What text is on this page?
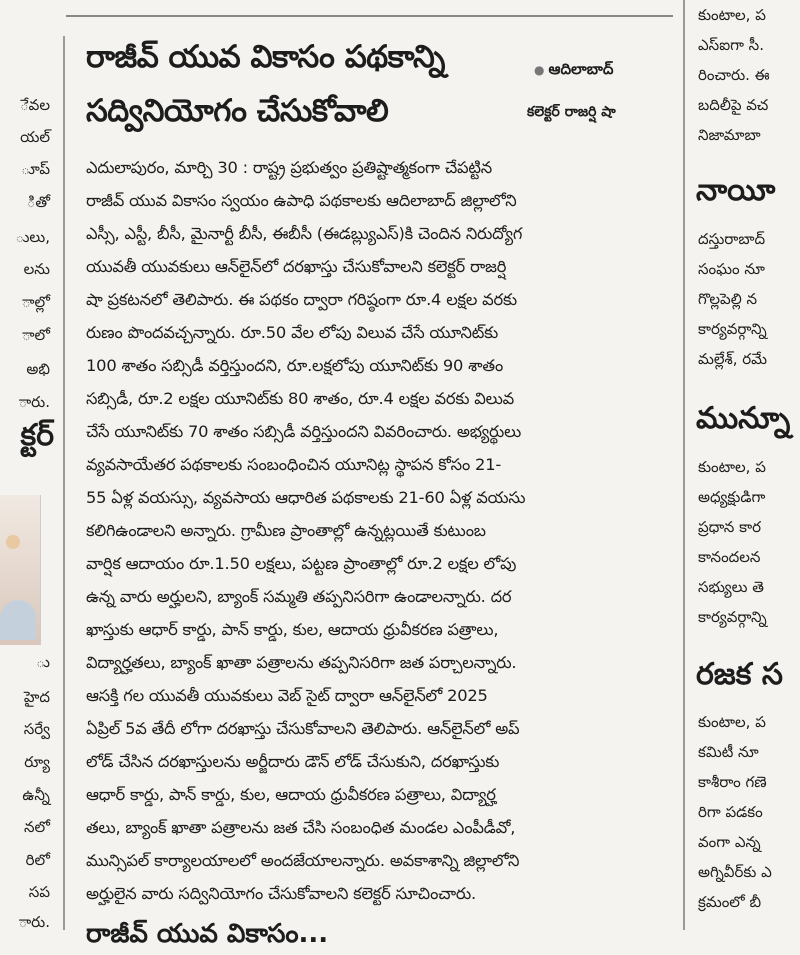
ేవల
యల్
ూప్
ితో
ులు,
లను
ాల్లో
ాలో
అభి
ారు.
క్టర్
ు
హైద
సర్వే
ర్యూ
ఉన్నీ
నలో
రిలో
సప
ారు.
రాజీవ్ యువ వికాసం పథకాన్ని
సద్వినియోగం చేసుకోవాలి
● ఆదిలాబాద్
కలెక్టర్ రాజర్షి షా
ఎదులాపురం, మార్చి 30 : రాష్ట్ర ప్రభుత్వం ప్రతిష్టాత్మకంగా చేపట్టిన
రాజీవ్ యువ వికాసం స్వయం ఉపాధి పథకాలకు ఆదిలాబాద్ జిల్లాలోని
ఎస్సీ, ఎస్టీ, బీసీ, మైనార్టీ బీసీ, ఈబీసీ (ఈడబ్ల్యుఎస్)కి చెందిన నిరుద్యోగ
యువతీ యువకులు ఆన్‌లైన్‌లో దరఖాస్తు చేసుకోవాలని కలెక్టర్ రాజర్షి
షా ప్రకటనలో తెలిపారు. ఈ పథకం ద్వారా గరిష్ఠంగా రూ.4 లక్షల వరకు
రుణం పొందవచ్చన్నారు. రూ.50 వేల లోపు విలువ చేసే యూనిట్‌కు
100 శాతం సబ్సిడీ వర్తిస్తుందని, రూ.లక్షలోపు యూనిట్‌కు 90 శాతం
సబ్సిడీ, రూ.2 లక్షల యూనిట్‌కు 80 శాతం, రూ.4 లక్షల వరకు విలువ
చేసే యూనిట్‌కు 70 శాతం సబ్సిడీ వర్తిస్తుందని వివరించారు. అభ్యర్థులు
వ్యవసాయేతర పథకాలకు సంబంధించిన యూనిట్ల స్థాపన కోసం 21-
55 ఏళ్ల వయస్సు, వ్యవసాయ ఆధారిత పథకాలకు 21-60 ఏళ్ల వయసు
కలిగిఉండాలని అన్నారు. గ్రామీణ ప్రాంతాల్లో ఉన్నట్లయితే కుటుంబ
వార్షిక ఆదాయం రూ.1.50 లక్షలు, పట్టణ ప్రాంతాల్లో రూ.2 లక్షల లోపు
ఉన్న వారు అర్హులని, బ్యాంక్ సమ్మతి తప్పనిసరిగా ఉండాలన్నారు. దర
ఖాస్తుకు ఆధార్ కార్డు, పాన్ కార్డు, కుల, ఆదాయ ధ్రువీకరణ పత్రాలు,
విద్యార్హతలు, బ్యాంక్ ఖాతా పత్రాలను తప్పనిసరిగా జత పర్చాలన్నారు.
ఆసక్తి గల యువతీ యువకులు వెబ్ సైట్ ద్వారా ఆన్‌లైన్‌లో 2025
ఏప్రిల్ 5వ తేదీ లోగా దరఖాస్తు చేసుకోవాలని తెలిపారు. ఆన్‌లైన్‌లో అప్
లోడ్ చేసిన దరఖాస్తులను అర్జీదారు డౌన్ లోడ్ చేసుకుని, దరఖాస్తుకు
ఆధార్ కార్డు, పాన్ కార్డు, కుల, ఆదాయ ధ్రువీకరణ పత్రాలు, విద్యార్హ
తలు, బ్యాంక్ ఖాతా పత్రాలను జత చేసి సంబంధిత మండల ఎంపీడీవో,
మున్సిపల్ కార్యాలయాలలో అందజేయాలన్నారు. అవకాశాన్ని జిల్లాలోని
అర్హులైన వారు సద్వినియోగం చేసుకోవాలని కలెక్టర్ సూచించారు.
రాజీవ్ యువ వికాసం...
కుంటాల, ప
ఎస్ఐగా సీ.
రించారు. ఈ
బదిలీపై వచ
నిజామాబా
నాయీ
దస్తురాబాద్
సంఘం నూ
గొల్లపెల్లి న
కార్యవర్గాన్ని
మల్లేశ్, రమే
మున్నూ
కుంటాల, ప
అధ్యక్షుడిగా
ప్రధాన కార
కానందలన
సభ్యులు తె
కార్యవర్గాన్ని
రజక స
కుంటాల, ప
కమిటీ నూ
కాశీరాం గణె
రిగా పడకం
వంగా ఎన్న
అగ్నివీర్‌కు ఎ
క్రమంలో బీ
